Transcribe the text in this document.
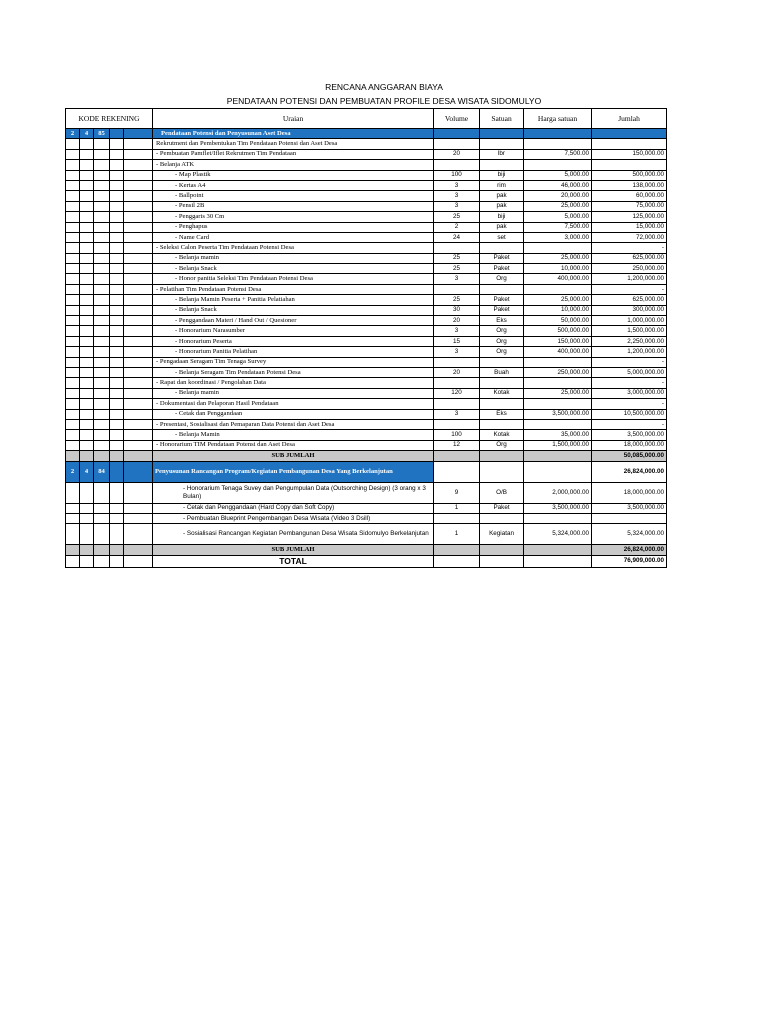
RENCANA ANGGARAN BIAYA
PENDATAAN POTENSI DAN PEMBUATAN PROFILE DESA WISATA SIDOMULYO
KODE REKENING					Uraian	Volume	Satuan	Harga satuan	Jumlah
2	4	85			Pendataan Potensi dan Penyusunan Aset Desa				
					Rekrutment dan Pembentukan Tim Pendataan Potensi dan Aset Desa				
					- Pembuatan Pamflet/Iflet Rekrutmen Tim Pendataan	20	lbr	7,500.00	150,000.00
					- Belanja ATK				
					- Map Plastik	100	biji	5,000.00	500,000.00
					- Kertas A4	3	rim	46,000.00	138,000.00
					- Ballpoint	3	pak	20,000.00	60,000.00
					- Pensil 2B	3	pak	25,000.00	75,000.00
					- Penggaris 30 Cm	25	biji	5,000.00	125,000.00
					- Penghapus	2	pak	7,500.00	15,000.00
					- Name Card	24	set	3,000.00	72,000.00
					- Seleksi Calon Peserta Tim Pendataan Potensi Desa				-
					- Belanja mamin	25	Paket	25,000.00	625,000.00
					- Belanja Snack	25	Paket	10,000.00	250,000.00
					- Honor panitia Seleksi Tim Pendataan Potensi Desa	3	Org	400,000.00	1,200,000.00
					- Pelatihan Tim Pendataan Potensi Desa				-
					- Belanja Mamin Peserta + Panitia Pelatiahan	25	Paket	25,000.00	625,000.00
					- Belanja Snack	30	Paket	10,000.00	300,000.00
					- Penggandaan Materi / Hand Out / Quesioner	20	Eks	50,000.00	1,000,000.00
					- Honorarium Narasumber	3	Org	500,000.00	1,500,000.00
					- Honorarium Peserta	15	Org	150,000.00	2,250,000.00
					- Honorarium Panitia Pelatihan	3	Org	400,000.00	1,200,000.00
					- Pengadaan Seragam Tim Tenaga Survey				-
					- Belanja Seragam Tim Pendataan Potensi Desa	20	Buah	250,000.00	5,000,000.00
					- Rapat dan koordinasi / Pengolahan Data				-
					- Belanja mamin	120	Kotak	25,000.00	3,000,000.00
					- Dokumentasi dan Pelaporan Hasil Pendataan				-
					- Cetak dan Penggandaan	3	Eks	3,500,000.00	10,500,000.00
					- Presentasi, Sosialisasi dan Pemaparan Data Potensi dan Aset Desa				-
					- Belanja Mamin	100	Kotak	35,000.00	3,500,000.00
					- Honorarium TIM Pendataan Potensi dan Aset Desa	12	Org	1,500,000.00	18,000,000.00
					SUB JUMLAH				50,085,000.00
2	4	84			Penyusunan Rancangan Program/Kegiatan Pembangunan Desa Yang Berkelanjutan				26,824,000.00
					- Honorarium Tenaga Suvey dan Pengumpulan Data (Outsorching Design) (3 orang x 3 Bulan)	9	O/B	2,000,000.00	18,000,000.00
					- Cetak dan Penggandaan (Hard Copy dan Soft Copy)	1	Paket	3,500,000.00	3,500,000.00
					- Pembuatan Blueprint Pengembangan Desa Wisata (Video 3 Dsill)				
					- Sosialisasi Rancangan Kegiatan Pembangunan Desa Wisata Sidomulyo Berkelanjutan	1	Kegiatan	5,324,000.00	5,324,000.00
					SUB JUMLAH				26,824,000.00
					TOTAL				76,909,000.00
